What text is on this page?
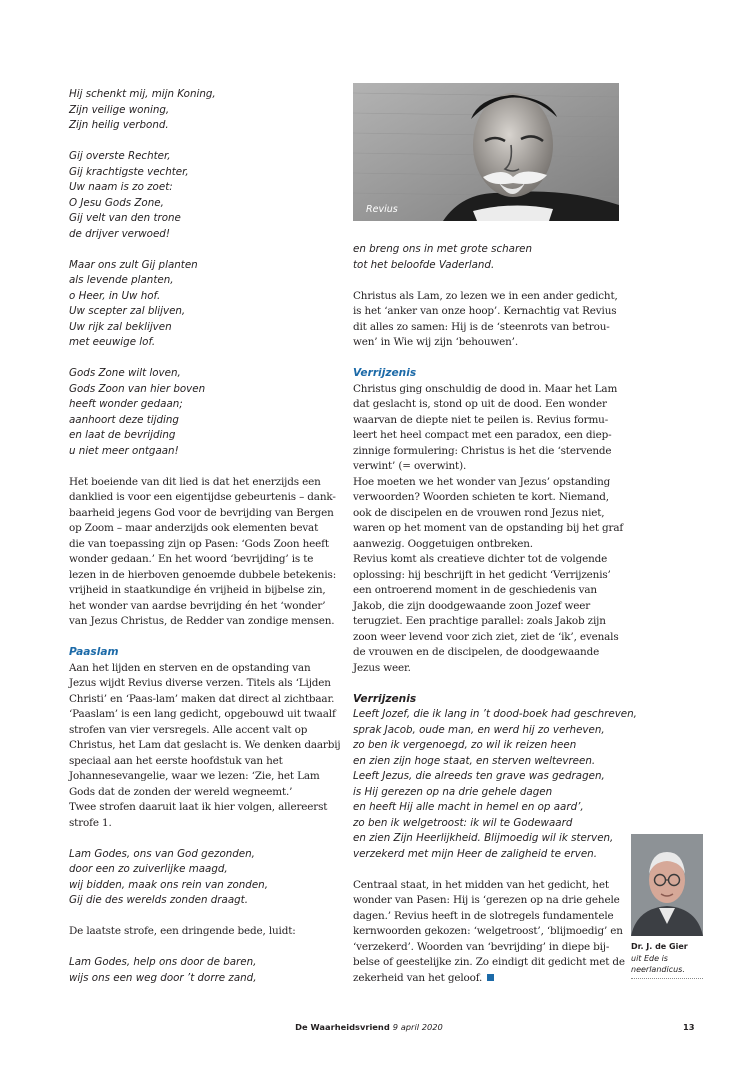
Hij schenkt mij, mijn Koning,
Zijn veilige woning,
Zijn heilig verbond.
Gij overste Rechter,
Gij krachtigste vechter,
Uw naam is zo zoet:
O Jesu Gods Zone,
Gij velt van den trone
de drijver verwoed!
Maar ons zult Gij planten
als levende planten,
o Heer, in Uw hof.
Uw scepter zal blijven,
Uw rijk zal beklijven
met eeuwige lof.
Gods Zone wilt loven,
Gods Zoon van hier boven
heeft wonder gedaan;
aanhoort deze tijding
en laat de bevrijding
u niet meer ontgaan!
Het boeiende van dit lied is dat het enerzijds een
danklied is voor een eigentijdse gebeurtenis – dank-
baarheid jegens God voor de bevrijding van Bergen
op Zoom – maar anderzijds ook elementen bevat
die van toepassing zijn op Pasen: ‘Gods Zoon heeft
wonder gedaan.’ En het woord ‘bevrijding’ is te
lezen in de hierboven genoemde dubbele betekenis:
vrijheid in staatkundige én vrijheid in bijbelse zin,
het wonder van aardse bevrijding én het ‘wonder’
van Jezus Christus, de Redder van zondige mensen.
Paaslam
Aan het lijden en sterven en de opstanding van
Jezus wijdt Revius diverse verzen. Titels als ‘Lijden
Christi’ en ‘Paas-lam’ maken dat direct al zichtbaar.
‘Paaslam’ is een lang gedicht, opgebouwd uit twaalf
strofen van vier versregels. Alle accent valt op
Christus, het Lam dat geslacht is. We denken daarbij
speciaal aan het eerste hoofdstuk van het
Johannesevangelie, waar we lezen: ‘Zie, het Lam
Gods dat de zonden der wereld wegneemt.’
Twee strofen daaruit laat ik hier volgen, allereerst
strofe 1.
Lam Godes, ons van God gezonden,
door een zo zuiverlijke maagd,
wij bidden, maak ons rein van zonden,
Gij die des werelds zonden draagt.
De laatste strofe, een dringende bede, luidt:
Lam Godes, help ons door de baren,
wijs ons een weg door ’t dorre zand,
Revius
en breng ons in met grote scharen
tot het beloofde Vaderland.
Christus als Lam, zo lezen we in een ander gedicht,
is het ‘anker van onze hoop’. Kernachtig vat Revius
dit alles zo samen: Hij is de ‘steenrots van betrou-
wen’ in Wie wij zijn ‘behouwen’.
Verrijzenis
Christus ging onschuldig de dood in. Maar het Lam
dat geslacht is, stond op uit de dood. Een wonder
waarvan de diepte niet te peilen is. Revius formu-
leert het heel compact met een paradox, een diep-
zinnige formulering: Christus is het die ‘stervende
verwint’ (= overwint).
Hoe moeten we het wonder van Jezus’ opstanding
verwoorden? Woorden schieten te kort. Niemand,
ook de discipelen en de vrouwen rond Jezus niet,
waren op het moment van de opstanding bij het graf
aanwezig. Ooggetuigen ontbreken.
Revius komt als creatieve dichter tot de volgende
oplossing: hij beschrijft in het gedicht ‘Verrijzenis’
een ontroerend moment in de geschiedenis van
Jakob, die zijn doodgewaande zoon Jozef weer
terugziet. Een prachtige parallel: zoals Jakob zijn
zoon weer levend voor zich ziet, ziet de ‘ik’, evenals
de vrouwen en de discipelen, de doodgewaande
Jezus weer.
Verrijzenis
Leeft Jozef, die ik lang in ’t dood-boek had geschreven,
sprak Jacob, oude man, en werd hij zo verheven,
zo ben ik vergenoegd, zo wil ik reizen heen
en zien zijn hoge staat, en sterven weltevreen.
Leeft Jezus, die alreeds ten grave was gedragen,
is Hij gerezen op na drie gehele dagen
en heeft Hij alle macht in hemel en op aard’,
zo ben ik welgetroost: ik wil te Godewaard
en zien Zijn Heerlijkheid. Blijmoedig wil ik sterven,
verzekerd met mijn Heer de zaligheid te erven.
Centraal staat, in het midden van het gedicht, het
wonder van Pasen: Hij is ‘gerezen op na drie gehele
dagen.’ Revius heeft in de slotregels fundamentele
kernwoorden gekozen: ‘welgetroost’, ‘blijmoedig’ en
‘verzekerd’. Woorden van ‘bevrijding’ in diepe bij-
belse of geestelijke zin. Zo eindigt dit gedicht met de
zekerheid van het geloof.
Dr. J. de Gier
uit Ede is
neerlandicus.
De Waarheidsvriend 9 april 2020	13
